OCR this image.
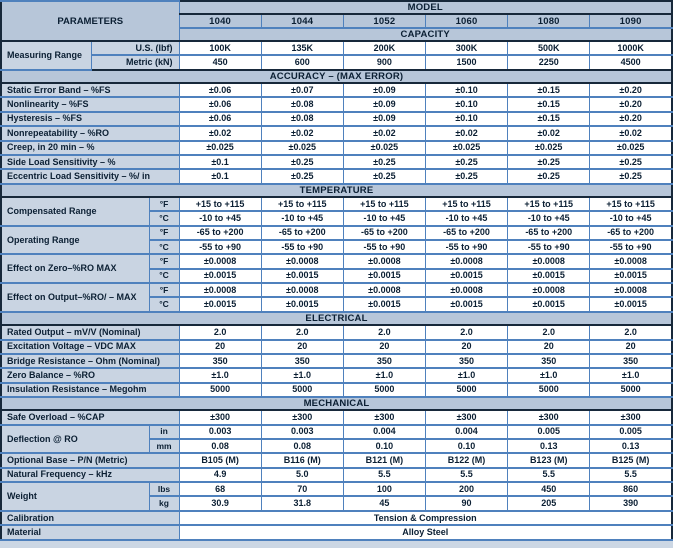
PARAMETERS			MODEL					
			1040	1044	1052	1060	1080	1090
			CAPACITY					
Measuring Range	U.S. (lbf)		100K	135K	200K	300K	500K	1000K
	Metric (kN)		450	600	900	1500	2250	4500
ACCURACY – (MAX ERROR)								
Static Error Band – %FS			±0.06	±0.07	±0.09	±0.10	±0.15	±0.20
Nonlinearity – %FS			±0.06	±0.08	±0.09	±0.10	±0.15	±0.20
Hysteresis – %FS			±0.06	±0.08	±0.09	±0.10	±0.15	±0.20
Nonrepeatability – %RO			±0.02	±0.02	±0.02	±0.02	±0.02	±0.02
Creep, in 20 min – %			±0.025	±0.025	±0.025	±0.025	±0.025	±0.025
Side Load Sensitivity – %			±0.1	±0.25	±0.25	±0.25	±0.25	±0.25
Eccentric Load Sensitivity – %/ in			±0.1	±0.25	±0.25	±0.25	±0.25	±0.25
TEMPERATURE								
Compensated Range		°F	+15 to +115	+15 to +115	+15 to +115	+15 to +115	+15 to +115	+15 to +115
		°C	-10 to +45	-10 to +45	-10 to +45	-10 to +45	-10 to +45	-10 to +45
Operating Range		°F	-65 to +200	-65 to +200	-65 to +200	-65 to +200	-65 to +200	-65 to +200
		°C	-55 to +90	-55 to +90	-55 to +90	-55 to +90	-55 to +90	-55 to +90
Effect on Zero–%RO MAX		°F	±0.0008	±0.0008	±0.0008	±0.0008	±0.0008	±0.0008
		°C	±0.0015	±0.0015	±0.0015	±0.0015	±0.0015	±0.0015
Effect on Output–%RO/ – MAX		°F	±0.0008	±0.0008	±0.0008	±0.0008	±0.0008	±0.0008
		°C	±0.0015	±0.0015	±0.0015	±0.0015	±0.0015	±0.0015
ELECTRICAL								
Rated Output – mV/V (Nominal)			2.0	2.0	2.0	2.0	2.0	2.0
Excitation Voltage – VDC MAX			20	20	20	20	20	20
Bridge Resistance – Ohm (Nominal)			350	350	350	350	350	350
Zero Balance – %RO			±1.0	±1.0	±1.0	±1.0	±1.0	±1.0
Insulation Resistance – Megohm			5000	5000	5000	5000	5000	5000
MECHANICAL								
Safe Overload – %CAP			±300	±300	±300	±300	±300	±300
Deflection @ RO		in	0.003	0.003	0.004	0.004	0.005	0.005
		mm	0.08	0.08	0.10	0.10	0.13	0.13
Optional Base – P/N (Metric)			B105 (M)	B116 (M)	B121 (M)	B122 (M)	B123 (M)	B125 (M)
Natural Frequency – kHz			4.9	5.0	5.5	5.5	5.5	5.5
Weight		lbs	68	70	100	200	450	860
		kg	30.9	31.8	45	90	205	390
Calibration			Tension & Compression					
Material			Alloy Steel					
